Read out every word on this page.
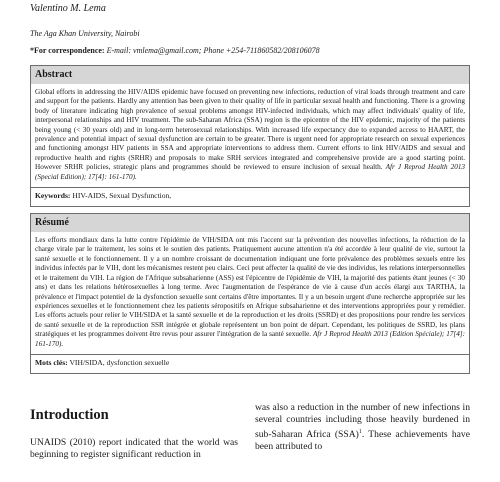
Valentino M. Lema
The Aga Khan University, Nairobi
*For correspondence: E-mail: vmlema@gmail.com; Phone +254-711860582/208106078
Abstract
Global efforts in addressing the HIV/AIDS epidemic have focused on preventing new infections, reduction of viral loads through treatment and care and support for the patients. Hardly any attention has been given to their quality of life in particular sexual health and functioning. There is a growing body of literature indicating high prevalence of sexual problems amongst HIV-infected individuals, which may affect individuals' quality of life, interpersonal relationships and HIV treatment. The sub-Saharan Africa (SSA) region is the epicentre of the HIV epidemic, majority of the patients being young (< 30 years old) and in long-term heterosexual relationships. With increased life expectancy due to expanded access to HAART, the prevalence and potential impact of sexual dysfunction are certain to be greater. There is urgent need for appropriate research on sexual experiences and functioning amongst HIV patients in SSA and appropriate interventions to address them. Current efforts to link HIV/AIDS and sexual and reproductive health and rights (SRHR) and proposals to make SRH services integrated and comprehensive provide are a good starting point. However SRHR policies, strategic plans and programmes should be reviewed to ensure inclusion of sexual health. Afr J Reprod Health 2013 (Special Edition); 17[4]: 161-170).
Keywords: HIV-AIDS, Sexual Dysfunction,
Résumé
Les efforts mondiaux dans la lutte contre l'épidémie de VIH/SIDA ont mis l'accent sur la prévention des nouvelles infections, la réduction de la charge virale par le traitement, les soins et le soutien des patients. Pratiquement aucune attention n'a été accordée à leur qualité de vie, surtout la santé sexuelle et le fonctionnement. Il y a un nombre croissant de documentation indiquant une forte prévalence des problèmes sexuels entre les individus infectés par le VIH, dont les mécanismes restent peu clairs. Ceci peut affecter la qualité de vie des individus, les relations interpersonnelles et le traitement du VIH. La région de l'Afrique subsaharienne (ASS) est l'épicentre de l'épidémie de VIH, la majorité des patients étant jeunes (< 30 ans) et dans les relations hétérosexuelles à long terme. Avec l'augmentation de l'espérance de vie à cause d'un accès élargi aux TARTHA, la prévalence et l'impact potentiel de la dysfonction sexuelle sont certains d'être importantes. Il y a un besoin urgent d'une recherche appropriée sur les expériences sexuelles et le fonctionnement chez les patients séropositifs en Afrique subsaharienne et des interventions appropriées pour y remédier. Les efforts actuels pour relier le VIH/SIDA et la santé sexuelle et de la reproduction et les droits (SSRD) et des propositions pour rendre les services de santé sexuelle et de la reproduction SSR intégrée et globale représentent un bon point de départ. Cependant, les politiques de SSRD, les plans stratégiques et les programmes doivent être revus pour assurer l'intégration de la santé sexuelle. Afr J Reprod Health 2013 (Edition Spéciale); 17[4]: 161-170).
Mots clés: VIH/SIDA, dysfonction sexuelle
Introduction
UNAIDS (2010) report indicated that the world was beginning to register significant reduction in
was also a reduction in the number of new infections in several countries including those heavily burdened in sub-Saharan Africa (SSA)$^1$. These achievements have been attributed to
